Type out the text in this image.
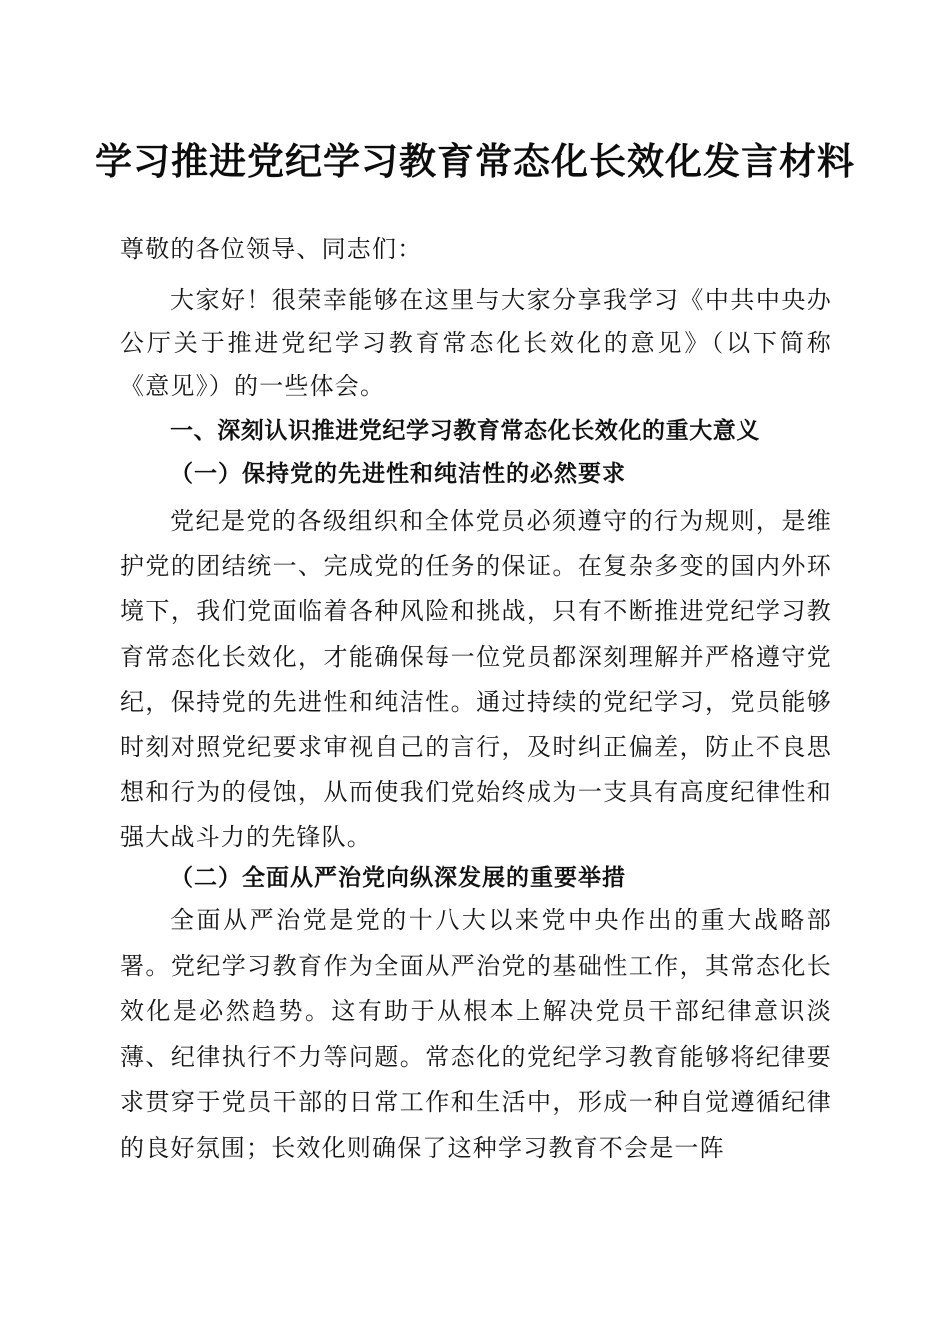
学习推进党纪学习教育常态化长效化发言材料

尊敬的各位领导、同志们：

大家好！很荣幸能够在这里与大家分享我学习《中共中央办公厅关于推进党纪学习教育常态化长效化的意见》（以下简称《意见》）的一些体会。

一、深刻认识推进党纪学习教育常态化长效化的重大意义
（一）保持党的先进性和纯洁性的必然要求

党纪是党的各级组织和全体党员必须遵守的行为规则，是维护党的团结统一、完成党的任务的保证。在复杂多变的国内外环境下，我们党面临着各种风险和挑战，只有不断推进党纪学习教育常态化长效化，才能确保每一位党员都深刻理解并严格遵守党纪，保持党的先进性和纯洁性。通过持续的党纪学习，党员能够时刻对照党纪要求审视自己的言行，及时纠正偏差，防止不良思想和行为的侵蚀，从而使我们党始终成为一支具有高度纪律性和强大战斗力的先锋队。

（二）全面从严治党向纵深发展的重要举措

全面从严治党是党的十八大以来党中央作出的重大战略部署。党纪学习教育作为全面从严治党的基础性工作，其常态化长效化是必然趋势。这有助于从根本上解决党员干部纪律意识淡薄、纪律执行不力等问题。常态化的党纪学习教育能够将纪律要求贯穿于党员干部的日常工作和生活中，形成一种自觉遵循纪律的良好氛围；长效化则确保了这种学习教育不会是一阵
